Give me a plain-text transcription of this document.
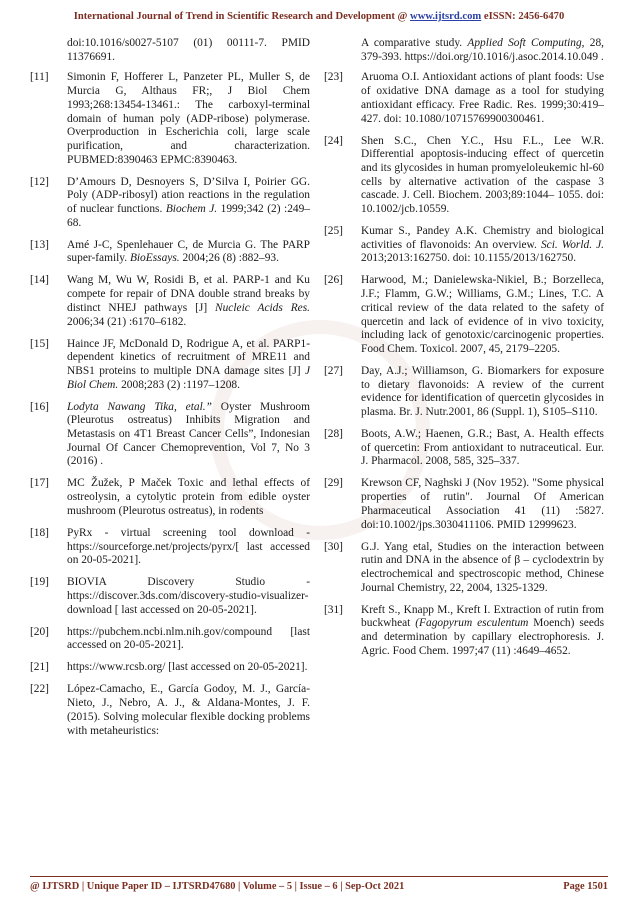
International Journal of Trend in Scientific Research and Development @ www.ijtsrd.com eISSN: 2456-6470
doi:10.1016/s0027-5107 (01) 00111-7. PMID 11376691.
[11] Simonin F, Hofferer L, Panzeter PL, Muller S, de Murcia G, Althaus FR;, J Biol Chem 1993;268:13454-13461.: The carboxyl-terminal domain of human poly (ADP-ribose) polymerase. Overproduction in Escherichia coli, large scale purification, and characterization. PUBMED:8390463 EPMC:8390463.
[12] D’Amours D, Desnoyers S, D’Silva I, Poirier GG. Poly (ADP-ribosyl) ation reactions in the regulation of nuclear functions. Biochem J. 1999;342 (2) :249–68.
[13] Amé J-C, Spenlehauer C, de Murcia G. The PARP super-family. BioEssays. 2004;26 (8) :882–93.
[14] Wang M, Wu W, Rosidi B, et al. PARP-1 and Ku compete for repair of DNA double strand breaks by distinct NHEJ pathways [J] Nucleic Acids Res. 2006;34 (21) :6170–6182.
[15] Haince JF, McDonald D, Rodrigue A, et al. PARP1-dependent kinetics of recruitment of MRE11 and NBS1 proteins to multiple DNA damage sites [J] J Biol Chem. 2008;283 (2) :1197–1208.
[16] Lodyta Nawang Tika, etal.” Oyster Mushroom (Pleurotus ostreatus) Inhibits Migration and Metastasis on 4T1 Breast Cancer Cells”, Indonesian Journal Of Cancer Chemoprevention, Vol 7, No 3 (2016) .
[17] MC Žužek, P Maček Toxic and lethal effects of ostreolysin, a cytolytic protein from edible oyster mushroom (Pleurotus ostreatus), in rodents
[18] PyRx - virtual screening tool download - https://sourceforge.net/projects/pyrx/[ last accessed on 20-05-2021].
[19] BIOVIA Discovery Studio - https://discover.3ds.com/discovery-studio-visualizer-download [ last accessed on 20-05-2021].
[20] https://pubchem.ncbi.nlm.nih.gov/compound [last accessed on 20-05-2021].
[21] https://www.rcsb.org/ [last accessed on 20-05-2021].
[22] López-Camacho, E., García Godoy, M. J., García-Nieto, J., Nebro, A. J., & Aldana-Montes, J. F. (2015). Solving molecular flexible docking problems with metaheuristics:
A comparative study. Applied Soft Computing, 28, 379-393. https://doi.org/10.1016/j.asoc.2014.10.049 .
[23] Aruoma O.I. Antioxidant actions of plant foods: Use of oxidative DNA damage as a tool for studying antioxidant efficacy. Free Radic. Res. 1999;30:419–427. doi: 10.1080/10715769900300461.
[24] Shen S.C., Chen Y.C., Hsu F.L., Lee W.R. Differential apoptosis-inducing effect of quercetin and its glycosides in human promyeloleukemic hl-60 cells by alternative activation of the caspase 3 cascade. J. Cell. Biochem. 2003;89:1044– 1055. doi: 10.1002/jcb.10559.
[25] Kumar S., Pandey A.K. Chemistry and biological activities of flavonoids: An overview. Sci. World. J. 2013;2013:162750. doi: 10.1155/2013/162750.
[26] Harwood, M.; Danielewska-Nikiel, B.; Borzelleca, J.F.; Flamm, G.W.; Williams, G.M.; Lines, T.C. A critical review of the data related to the safety of quercetin and lack of evidence of in vivo toxicity, including lack of genotoxic/carcinogenic properties. Food Chem. Toxicol. 2007, 45, 2179–2205.
[27] Day, A.J.; Williamson, G. Biomarkers for exposure to dietary flavonoids: A review of the current evidence for identification of quercetin glycosides in plasma. Br. J. Nutr.2001, 86 (Suppl. 1), S105–S110.
[28] Boots, A.W.; Haenen, G.R.; Bast, A. Health effects of quercetin: From antioxidant to nutraceutical. Eur. J. Pharmacol. 2008, 585, 325–337.
[29] Krewson CF, Naghski J (Nov 1952). "Some physical properties of rutin". Journal Of American Pharmaceutical Association 41 (11) :5827. doi:10.1002/jps.3030411106. PMID 12999623.
[30] G.J. Yang etal, Studies on the interaction between rutin and DNA in the absence of β – cyclodextrin by electrochemical and spectroscopic method, Chinese Journal Chemistry, 22, 2004, 1325-1329.
[31] Kreft S., Knapp M., Kreft I. Extraction of rutin from buckwheat (Fagopyrum esculentum Moench) seeds and determination by capillary electrophoresis. J. Agric. Food Chem. 1997;47 (11) :4649–4652.
@ IJTSRD | Unique Paper ID – IJTSRD47680 | Volume – 5 | Issue – 6 | Sep-Oct 2021	Page 1501
